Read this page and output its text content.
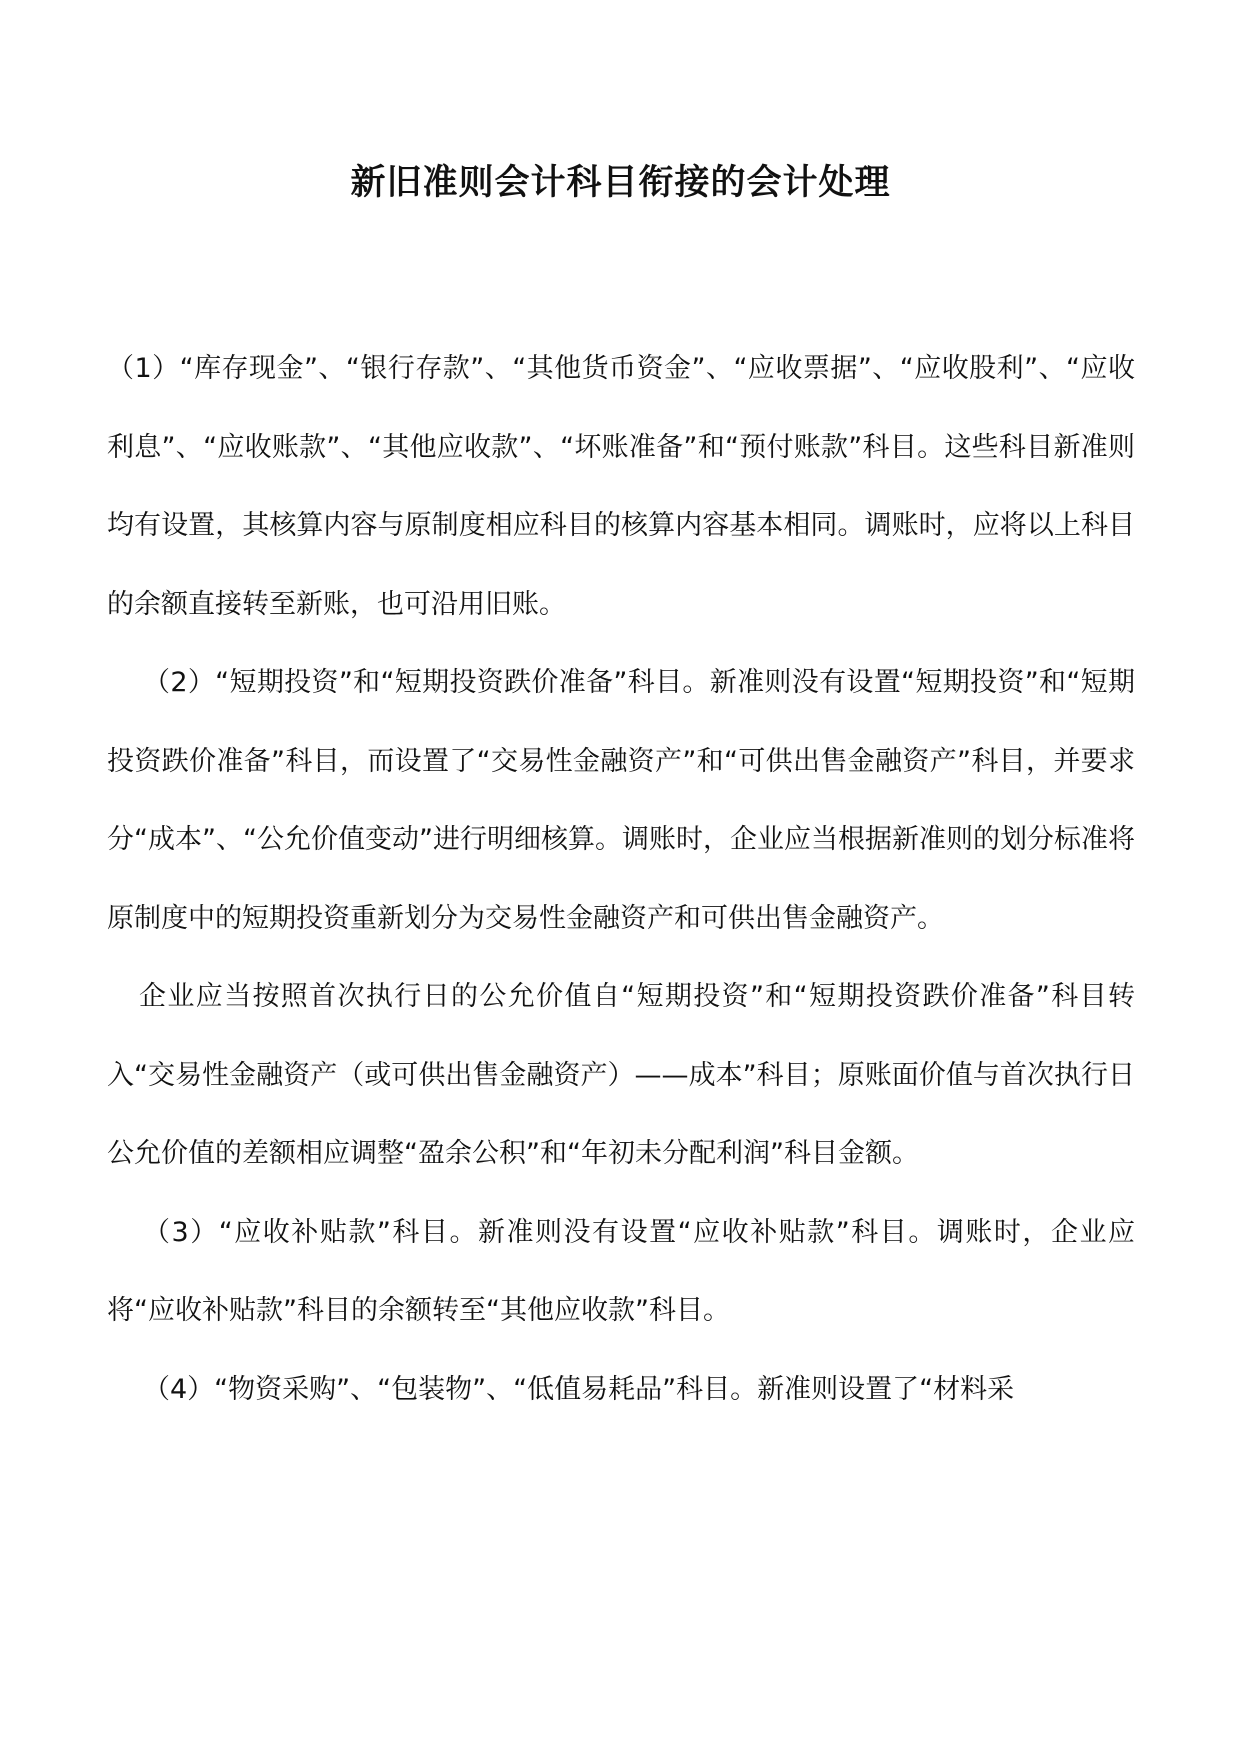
新旧准则会计科目衔接的会计处理

（1）“库存现金”、“银行存款”、“其他货币资金”、“应收票据”、“应收股利”、“应收利息”、“应收账款”、“其他应收款”、“坏账准备”和“预付账款”科目。这些科目新准则均有设置，其核算内容与原制度相应科目的核算内容基本相同。调账时，应将以上科目的余额直接转至新账，也可沿用旧账。

（2）“短期投资”和“短期投资跌价准备”科目。新准则没有设置“短期投资”和“短期投资跌价准备”科目，而设置了“交易性金融资产”和“可供出售金融资产”科目，并要求分“成本”、“公允价值变动”进行明细核算。调账时，企业应当根据新准则的划分标准将原制度中的短期投资重新划分为交易性金融资产和可供出售金融资产。

企业应当按照首次执行日的公允价值自“短期投资”和“短期投资跌价准备”科目转入“交易性金融资产（或可供出售金融资产）——成本”科目；原账面价值与首次执行日公允价值的差额相应调整“盈余公积”和“年初未分配利润”科目金额。

（3）“应收补贴款”科目。新准则没有设置“应收补贴款”科目。调账时，企业应将“应收补贴款”科目的余额转至“其他应收款”科目。

（4）“物资采购”、“包装物”、“低值易耗品”科目。新准则设置了“材料采
